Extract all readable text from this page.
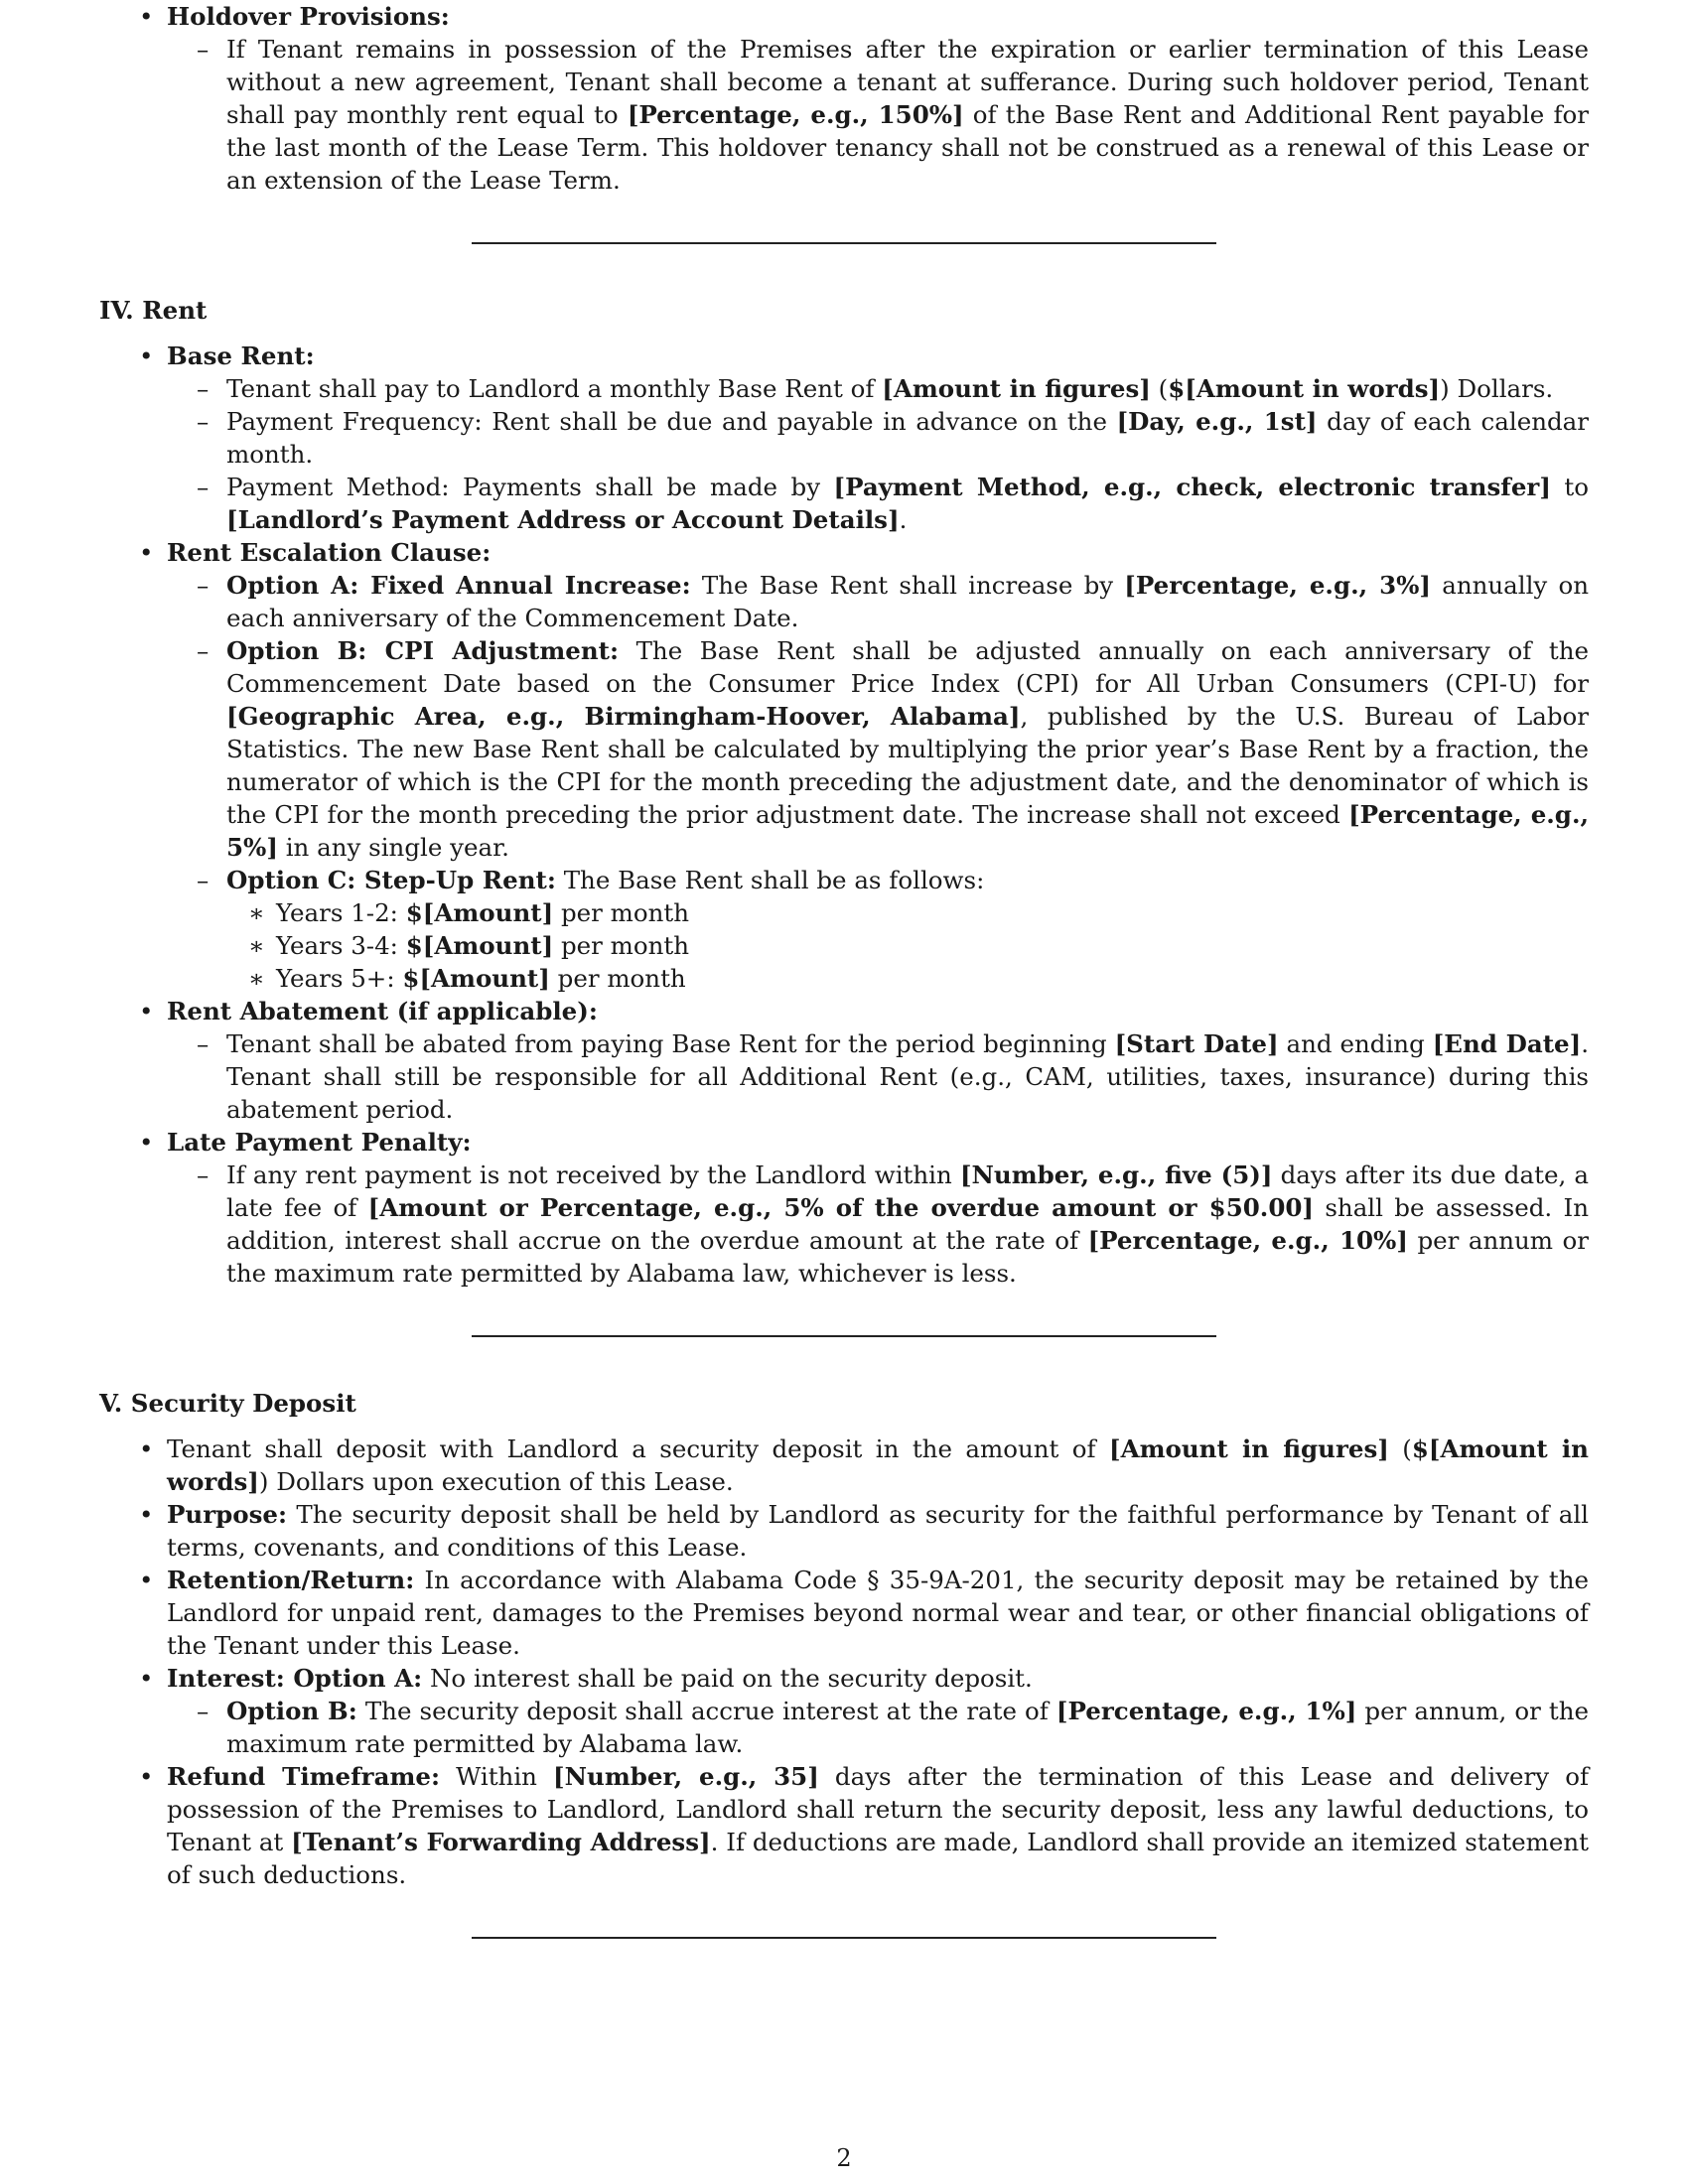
• Holdover Provisions:
– If Tenant remains in possession of the Premises after the expiration or earlier termination of this Lease without a new agreement, Tenant shall become a tenant at sufferance. During such holdover period, Tenant shall pay monthly rent equal to [Percentage, e.g., 150%] of the Base Rent and Additional Rent payable for the last month of the Lease Term. This holdover tenancy shall not be construed as a renewal of this Lease or an extension of the Lease Term.
IV. Rent
• Base Rent:
– Tenant shall pay to Landlord a monthly Base Rent of [Amount in figures] ($[Amount in words]) Dollars.
– Payment Frequency: Rent shall be due and payable in advance on the [Day, e.g., 1st] day of each calendar month.
– Payment Method: Payments shall be made by [Payment Method, e.g., check, electronic transfer] to [Landlord’s Payment Address or Account Details].
• Rent Escalation Clause:
– Option A: Fixed Annual Increase: The Base Rent shall increase by [Percentage, e.g., 3%] annually on each anniversary of the Commencement Date.
– Option B: CPI Adjustment: The Base Rent shall be adjusted annually on each anniversary of the Commencement Date based on the Consumer Price Index (CPI) for All Urban Consumers (CPI-U) for [Geographic Area, e.g., Birmingham-Hoover, Alabama], published by the U.S. Bureau of Labor Statistics. The new Base Rent shall be calculated by multiplying the prior year’s Base Rent by a fraction, the numerator of which is the CPI for the month preceding the adjustment date, and the denominator of which is the CPI for the month preceding the prior adjustment date. The increase shall not exceed [Percentage, e.g., 5%] in any single year.
– Option C: Step-Up Rent: The Base Rent shall be as follows:
∗ Years 1-2: $[Amount] per month
∗ Years 3-4: $[Amount] per month
∗ Years 5+: $[Amount] per month
• Rent Abatement (if applicable):
– Tenant shall be abated from paying Base Rent for the period beginning [Start Date] and ending [End Date]. Tenant shall still be responsible for all Additional Rent (e.g., CAM, utilities, taxes, insurance) during this abatement period.
• Late Payment Penalty:
– If any rent payment is not received by the Landlord within [Number, e.g., five (5)] days after its due date, a late fee of [Amount or Percentage, e.g., 5% of the overdue amount or $50.00] shall be assessed. In addition, interest shall accrue on the overdue amount at the rate of [Percentage, e.g., 10%] per annum or the maximum rate permitted by Alabama law, whichever is less.
V. Security Deposit
• Tenant shall deposit with Landlord a security deposit in the amount of [Amount in figures] ($[Amount in words]) Dollars upon execution of this Lease.
• Purpose: The security deposit shall be held by Landlord as security for the faithful performance by Tenant of all terms, covenants, and conditions of this Lease.
• Retention/Return: In accordance with Alabama Code § 35-9A-201, the security deposit may be retained by the Landlord for unpaid rent, damages to the Premises beyond normal wear and tear, or other financial obligations of the Tenant under this Lease.
• Interest: Option A: No interest shall be paid on the security deposit.
– Option B: The security deposit shall accrue interest at the rate of [Percentage, e.g., 1%] per annum, or the maximum rate permitted by Alabama law.
• Refund Timeframe: Within [Number, e.g., 35] days after the termination of this Lease and delivery of possession of the Premises to Landlord, Landlord shall return the security deposit, less any lawful deductions, to Tenant at [Tenant’s Forwarding Address]. If deductions are made, Landlord shall provide an itemized statement of such deductions.
2
